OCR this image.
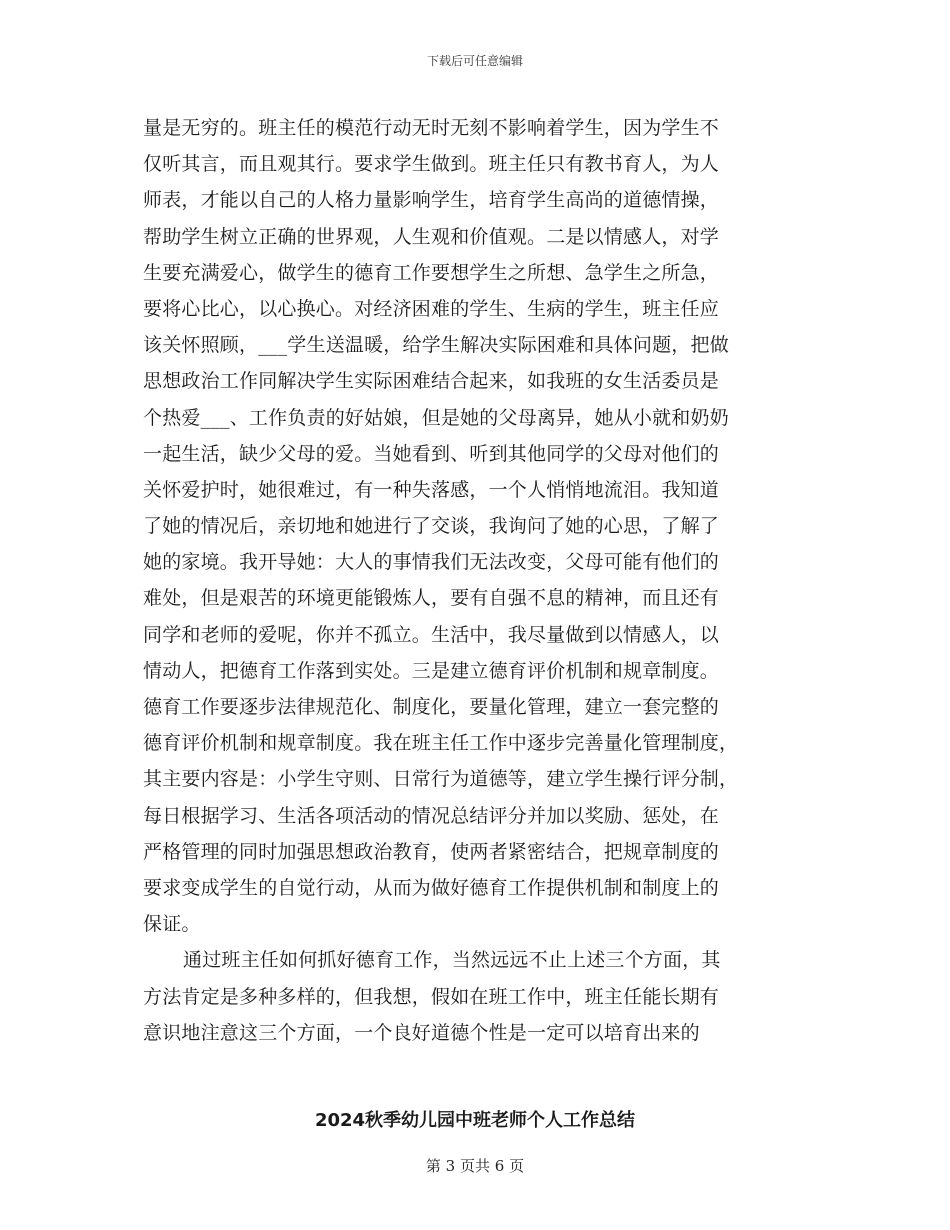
下载后可任意编辑
量是无穷的。班主任的模范行动无时无刻不影响着学生，因为学生不
仅听其言，而且观其行。要求学生做到。班主任只有教书育人，为人
师表，才能以自己的人格力量影响学生，培育学生高尚的道德情操，
帮助学生树立正确的世界观，人生观和价值观。二是以情感人，对学
生要充满爱心，做学生的德育工作要想学生之所想、急学生之所急，
要将心比心，以心换心。对经济困难的学生、生病的学生，班主任应
该关怀照顾，___学生送温暖，给学生解决实际困难和具体问题，把做
思想政治工作同解决学生实际困难结合起来，如我班的女生活委员是
个热爱___、工作负责的好姑娘，但是她的父母离异，她从小就和奶奶
一起生活，缺少父母的爱。当她看到、听到其他同学的父母对他们的
关怀爱护时，她很难过，有一种失落感，一个人悄悄地流泪。我知道
了她的情况后，亲切地和她进行了交谈，我询问了她的心思，了解了
她的家境。我开导她：大人的事情我们无法改变，父母可能有他们的
难处，但是艰苦的环境更能锻炼人，要有自强不息的精神，而且还有
同学和老师的爱呢，你并不孤立。生活中，我尽量做到以情感人，以
情动人，把德育工作落到实处。三是建立德育评价机制和规章制度。
德育工作要逐步法律规范化、制度化，要量化管理，建立一套完整的
德育评价机制和规章制度。我在班主任工作中逐步完善量化管理制度，
其主要内容是：小学生守则、日常行为道德等，建立学生操行评分制，
每日根据学习、生活各项活动的情况总结评分并加以奖励、惩处，在
严格管理的同时加强思想政治教育，使两者紧密结合，把规章制度的
要求变成学生的自觉行动，从而为做好德育工作提供机制和制度上的
保证。
通过班主任如何抓好德育工作，当然远远不止上述三个方面，其
方法肯定是多种多样的，但我想，假如在班工作中，班主任能长期有
意识地注意这三个方面，一个良好道德个性是一定可以培育出来的
2024秋季幼儿园中班老师个人工作总结
第 3 页共 6 页
